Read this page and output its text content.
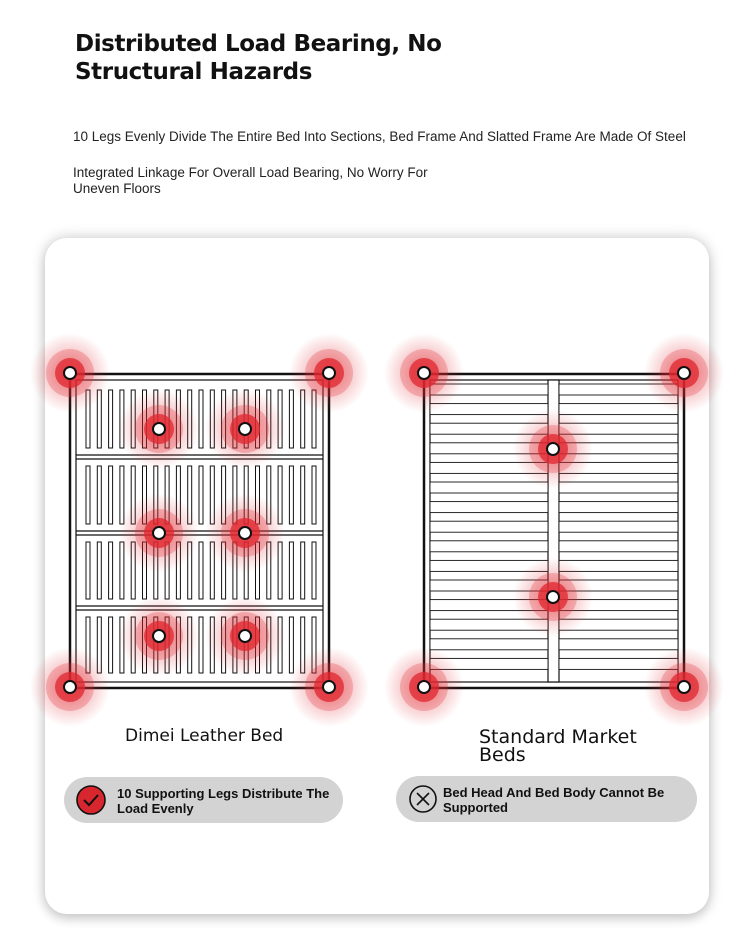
Distributed Load Bearing, No Structural Hazards
10 Legs Evenly Divide The Entire Bed Into Sections, Bed Frame And Slatted Frame Are Made Of Steel
Integrated Linkage For Overall Load Bearing, No Worry For Uneven Floors
Dimei Leather Bed	Standard Market Beds
10 Supporting Legs Distribute The Load Evenly
Bed Head And Bed Body Cannot Be Supported
